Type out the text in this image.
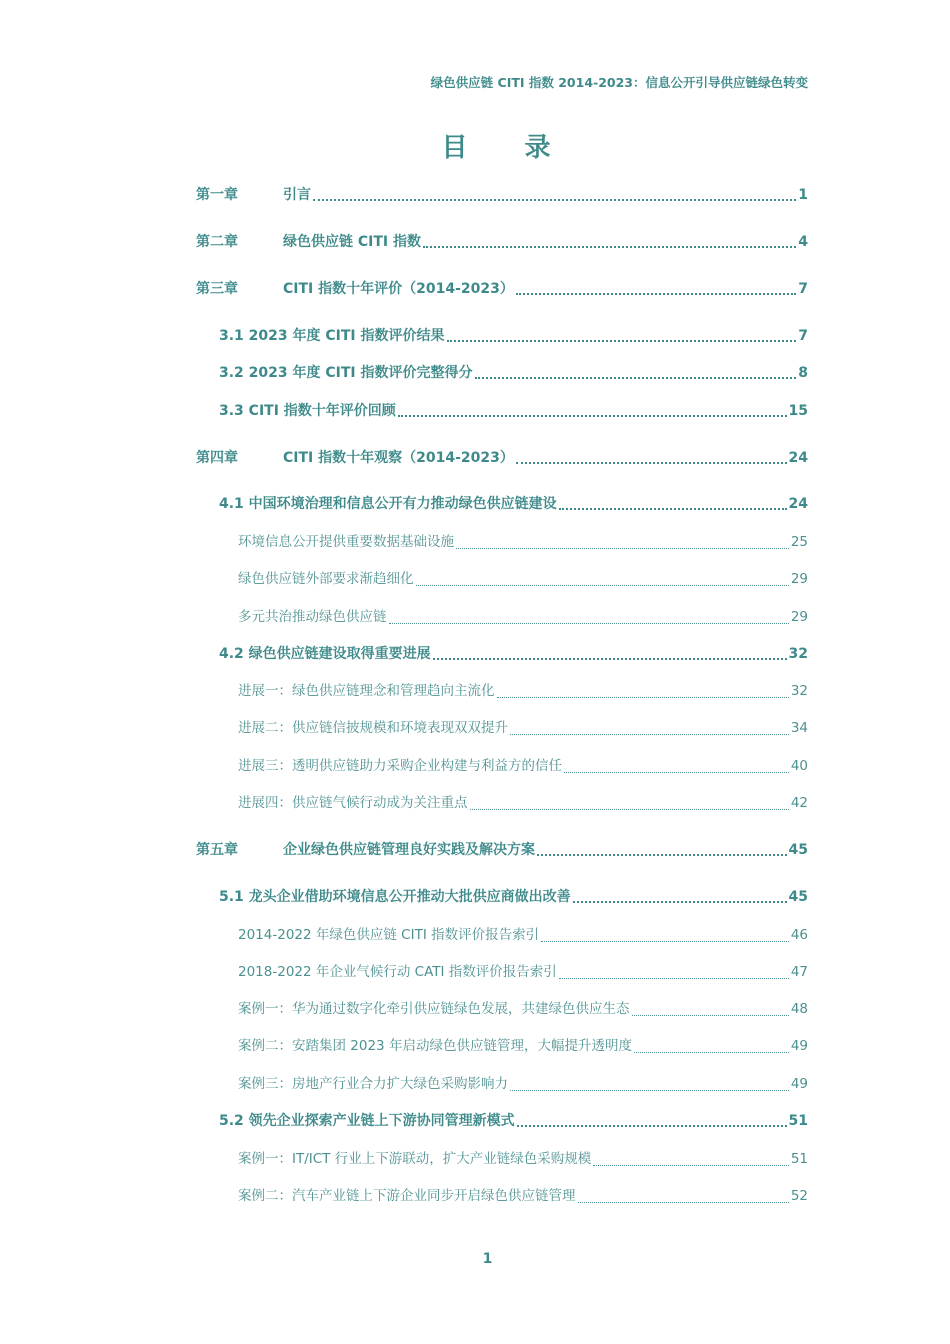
绿色供应链 CITI 指数 2014-2023：信息公开引导供应链绿色转变
目 录
第一章	引言	1
第二章	绿色供应链 CITI 指数	4
第三章	CITI 指数十年评价（2014-2023）	7
3.1 2023 年度 CITI 指数评价结果	7
3.2 2023 年度 CITI 指数评价完整得分	8
3.3 CITI 指数十年评价回顾	15
第四章	CITI 指数十年观察（2014-2023）	24
4.1 中国环境治理和信息公开有力推动绿色供应链建设	24
环境信息公开提供重要数据基础设施	25
绿色供应链外部要求渐趋细化	29
多元共治推动绿色供应链	29
4.2 绿色供应链建设取得重要进展	32
进展一：绿色供应链理念和管理趋向主流化	32
进展二：供应链信披规模和环境表现双双提升	34
进展三：透明供应链助力采购企业构建与利益方的信任	40
进展四：供应链气候行动成为关注重点	42
第五章	企业绿色供应链管理良好实践及解决方案	45
5.1 龙头企业借助环境信息公开推动大批供应商做出改善	45
2014-2022 年绿色供应链 CITI 指数评价报告索引	46
2018-2022 年企业气候行动 CATI 指数评价报告索引	47
案例一：华为通过数字化牵引供应链绿色发展，共建绿色供应生态	48
案例二：安踏集团 2023 年启动绿色供应链管理，大幅提升透明度	49
案例三：房地产行业合力扩大绿色采购影响力	49
5.2 领先企业探索产业链上下游协同管理新模式	51
案例一：IT/ICT 行业上下游联动，扩大产业链绿色采购规模	51
案例二：汽车产业链上下游企业同步开启绿色供应链管理	52
1
